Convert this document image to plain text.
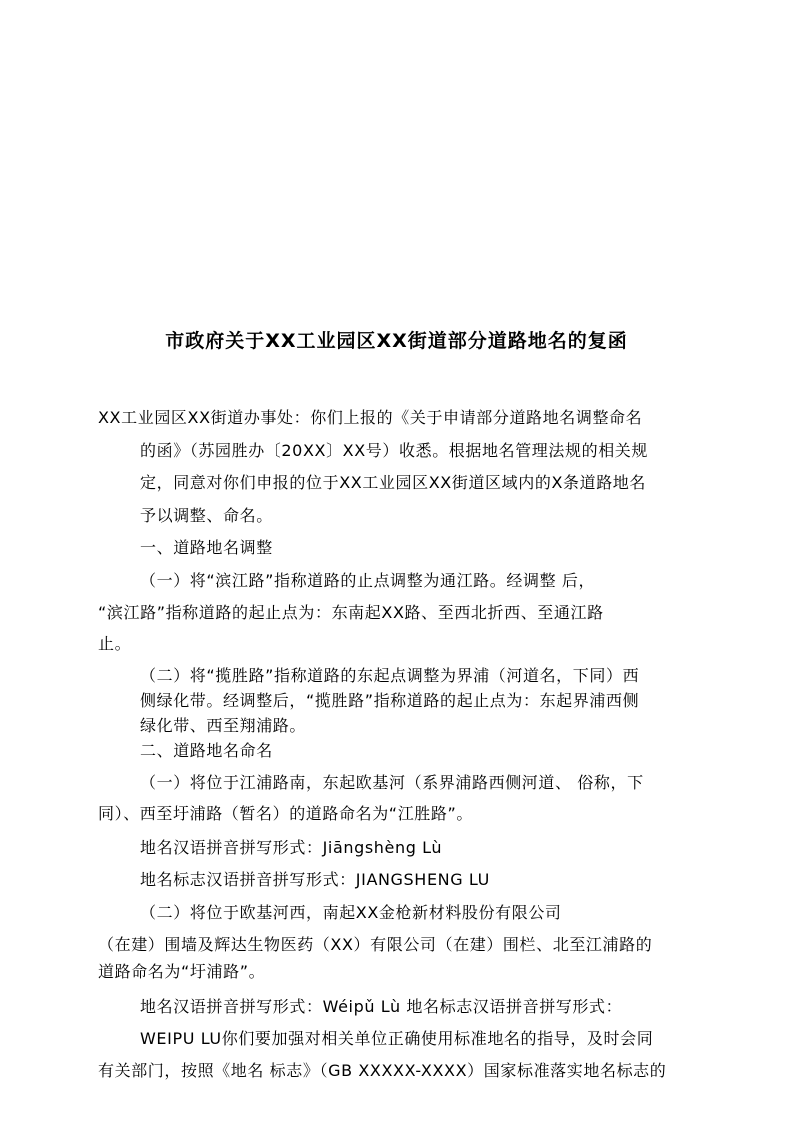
市政府关于XX工业园区XX街道部分道路地名的复函
XX工业园区XX街道办事处：你们上报的《关于申请部分道路地名调整命名
的函》（苏园胜办〔20XX〕XX号）收悉。根据地名管理法规的相关规
定，同意对你们申报的位于XX工业园区XX街道区域内的X条道路地名
予以调整、命名。
一、道路地名调整
（一）将“滨江路”指称道路的止点调整为通江路。经调整 后，
“滨江路”指称道路的起止点为：东南起XX路、至西北折西、至通江路
止。
（二）将“揽胜路”指称道路的东起点调整为界浦（河道名，下同）西
侧绿化带。经调整后，“揽胜路”指称道路的起止点为：东起界浦西侧
绿化带、西至翔浦路。
二、道路地名命名
（一）将位于江浦路南，东起欧基河（系界浦路西侧河道、 俗称，下
同）、西至圩浦路（暂名）的道路命名为“江胜路”。
地名汉语拼音拼写形式：Jiāngshèng Lù
地名标志汉语拼音拼写形式：JIANGSHENG LU
（二）将位于欧基河西，南起XX金枪新材料股份有限公司
（在建）围墙及辉达生物医药（XX）有限公司（在建）围栏、北至江浦路的
道路命名为“圩浦路”。
地名汉语拼音拼写形式：Wéipǔ Lù 地名标志汉语拼音拼写形式：
WEIPU LU你们要加强对相关单位正确使用标准地名的指导，及时会同
有关部门，按照《地名 标志》（GB XXXXX-XXXX）国家标准落实地名标志的
